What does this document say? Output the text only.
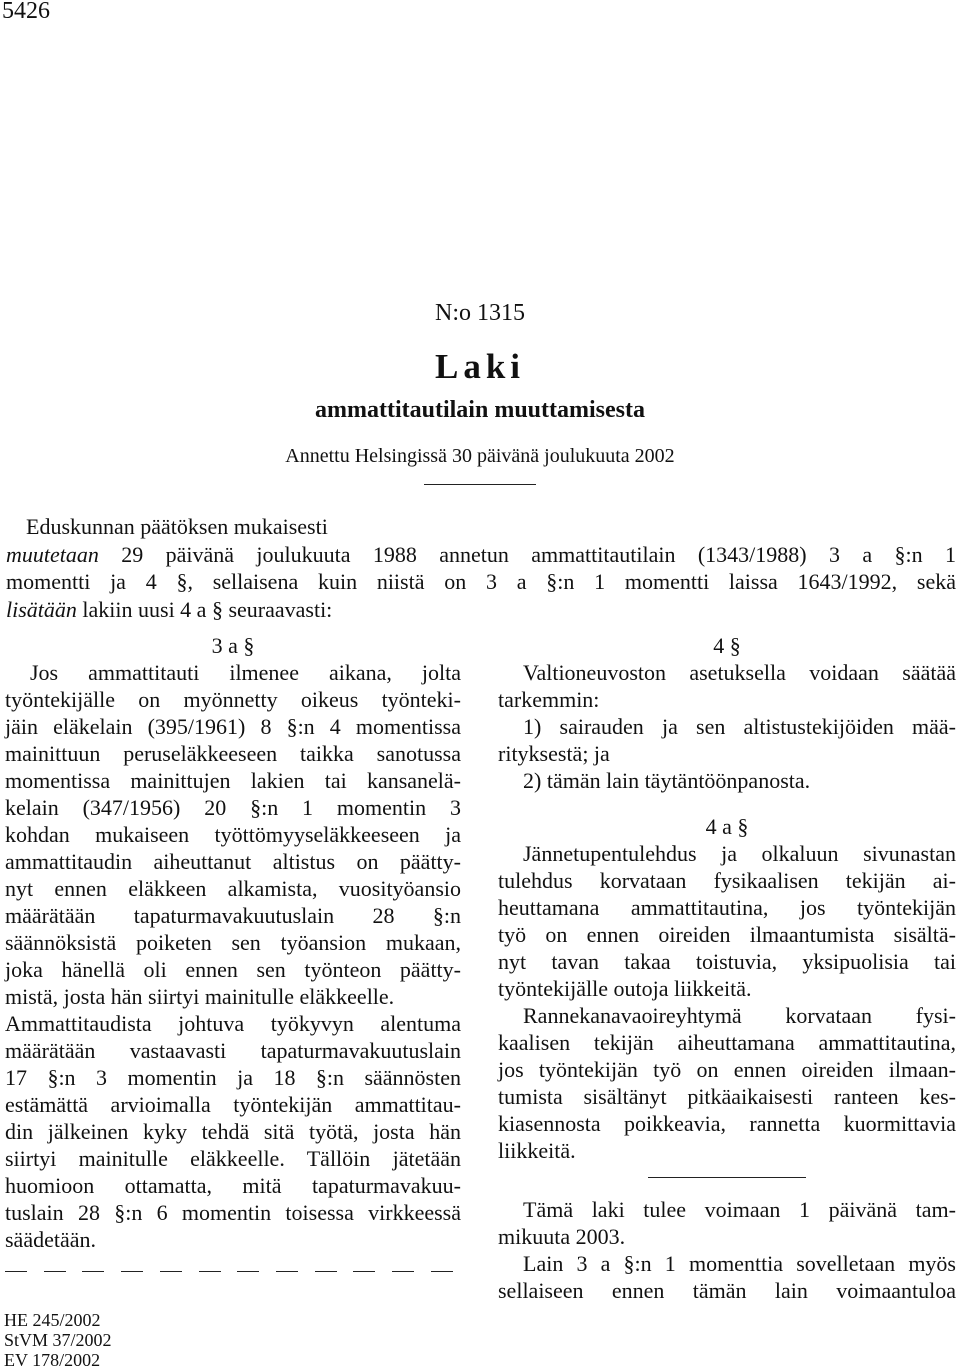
5426
N:o 1315
Laki
ammattitautilain muuttamisesta
Annettu Helsingissä 30 päivänä joulukuuta 2002
Eduskunnan päätöksen mukaisesti
muutetaan 29 päivänä joulukuuta 1988 annetun ammattitautilain (1343/1988) 3 a §:n 1
momentti ja 4 §, sellaisena kuin niistä on 3 a §:n 1 momentti laissa 1643/1992, sekä
lisätään lakiin uusi 4 a § seuraavasti:
3 a §
Jos ammattitauti ilmenee aikana, jolta
työntekijälle on myönnetty oikeus työnteki-
jäin eläkelain (395/1961) 8 §:n 4 momentissa
mainittuun peruseläkkeeseen taikka sanotussa
momentissa mainittujen lakien tai kansanelä-
kelain (347/1956) 20 §:n 1 momentin 3
kohdan mukaiseen työttömyyseläkkeeseen ja
ammattitaudin aiheuttanut altistus on päätty-
nyt ennen eläkkeen alkamista, vuosityöansio
määrätään tapaturmavakuutuslain 28 §:n
säännöksistä poiketen sen työansion mukaan,
joka hänellä oli ennen sen työnteon päätty-
mistä, josta hän siirtyi mainitulle eläkkeelle.
Ammattitaudista johtuva työkyvyn alentuma
määrätään vastaavasti tapaturmavakuutuslain
17 §:n 3 momentin ja 18 §:n säännösten
estämättä arvioimalla työntekijän ammattitau-
din jälkeinen kyky tehdä sitä työtä, josta hän
siirtyi mainitulle eläkkeelle. Tällöin jätetään
huomioon ottamatta, mitä tapaturmavakuu-
tuslain 28 §:n 6 momentin toisessa virkkeessä
säädetään.
4 §
Valtioneuvoston asetuksella voidaan säätää
tarkemmin:
1) sairauden ja sen altistustekijöiden mää-
rityksestä; ja
2) tämän lain täytäntöönpanosta.
4 a §
Jännetupentulehdus ja olkaluun sivunastan
tulehdus korvataan fysikaalisen tekijän ai-
heuttamana ammattitautina, jos työntekijän
työ on ennen oireiden ilmaantumista sisältä-
nyt tavan takaa toistuvia, yksipuolisia tai
työntekijälle outoja liikkeitä.
Rannekanavaoireyhtymä korvataan fysi-
kaalisen tekijän aiheuttamana ammattitautina,
jos työntekijän työ on ennen oireiden ilmaan-
tumista sisältänyt pitkäaikaisesti ranteen kes-
kiasennosta poikkeavia, rannetta kuormittavia
liikkeitä.
Tämä laki tulee voimaan 1 päivänä tam-
mikuuta 2003.
Lain 3 a §:n 1 momenttia sovelletaan myös
sellaiseen ennen tämän lain voimaantuloa
HE 245/2002
StVM 37/2002
EV 178/2002
